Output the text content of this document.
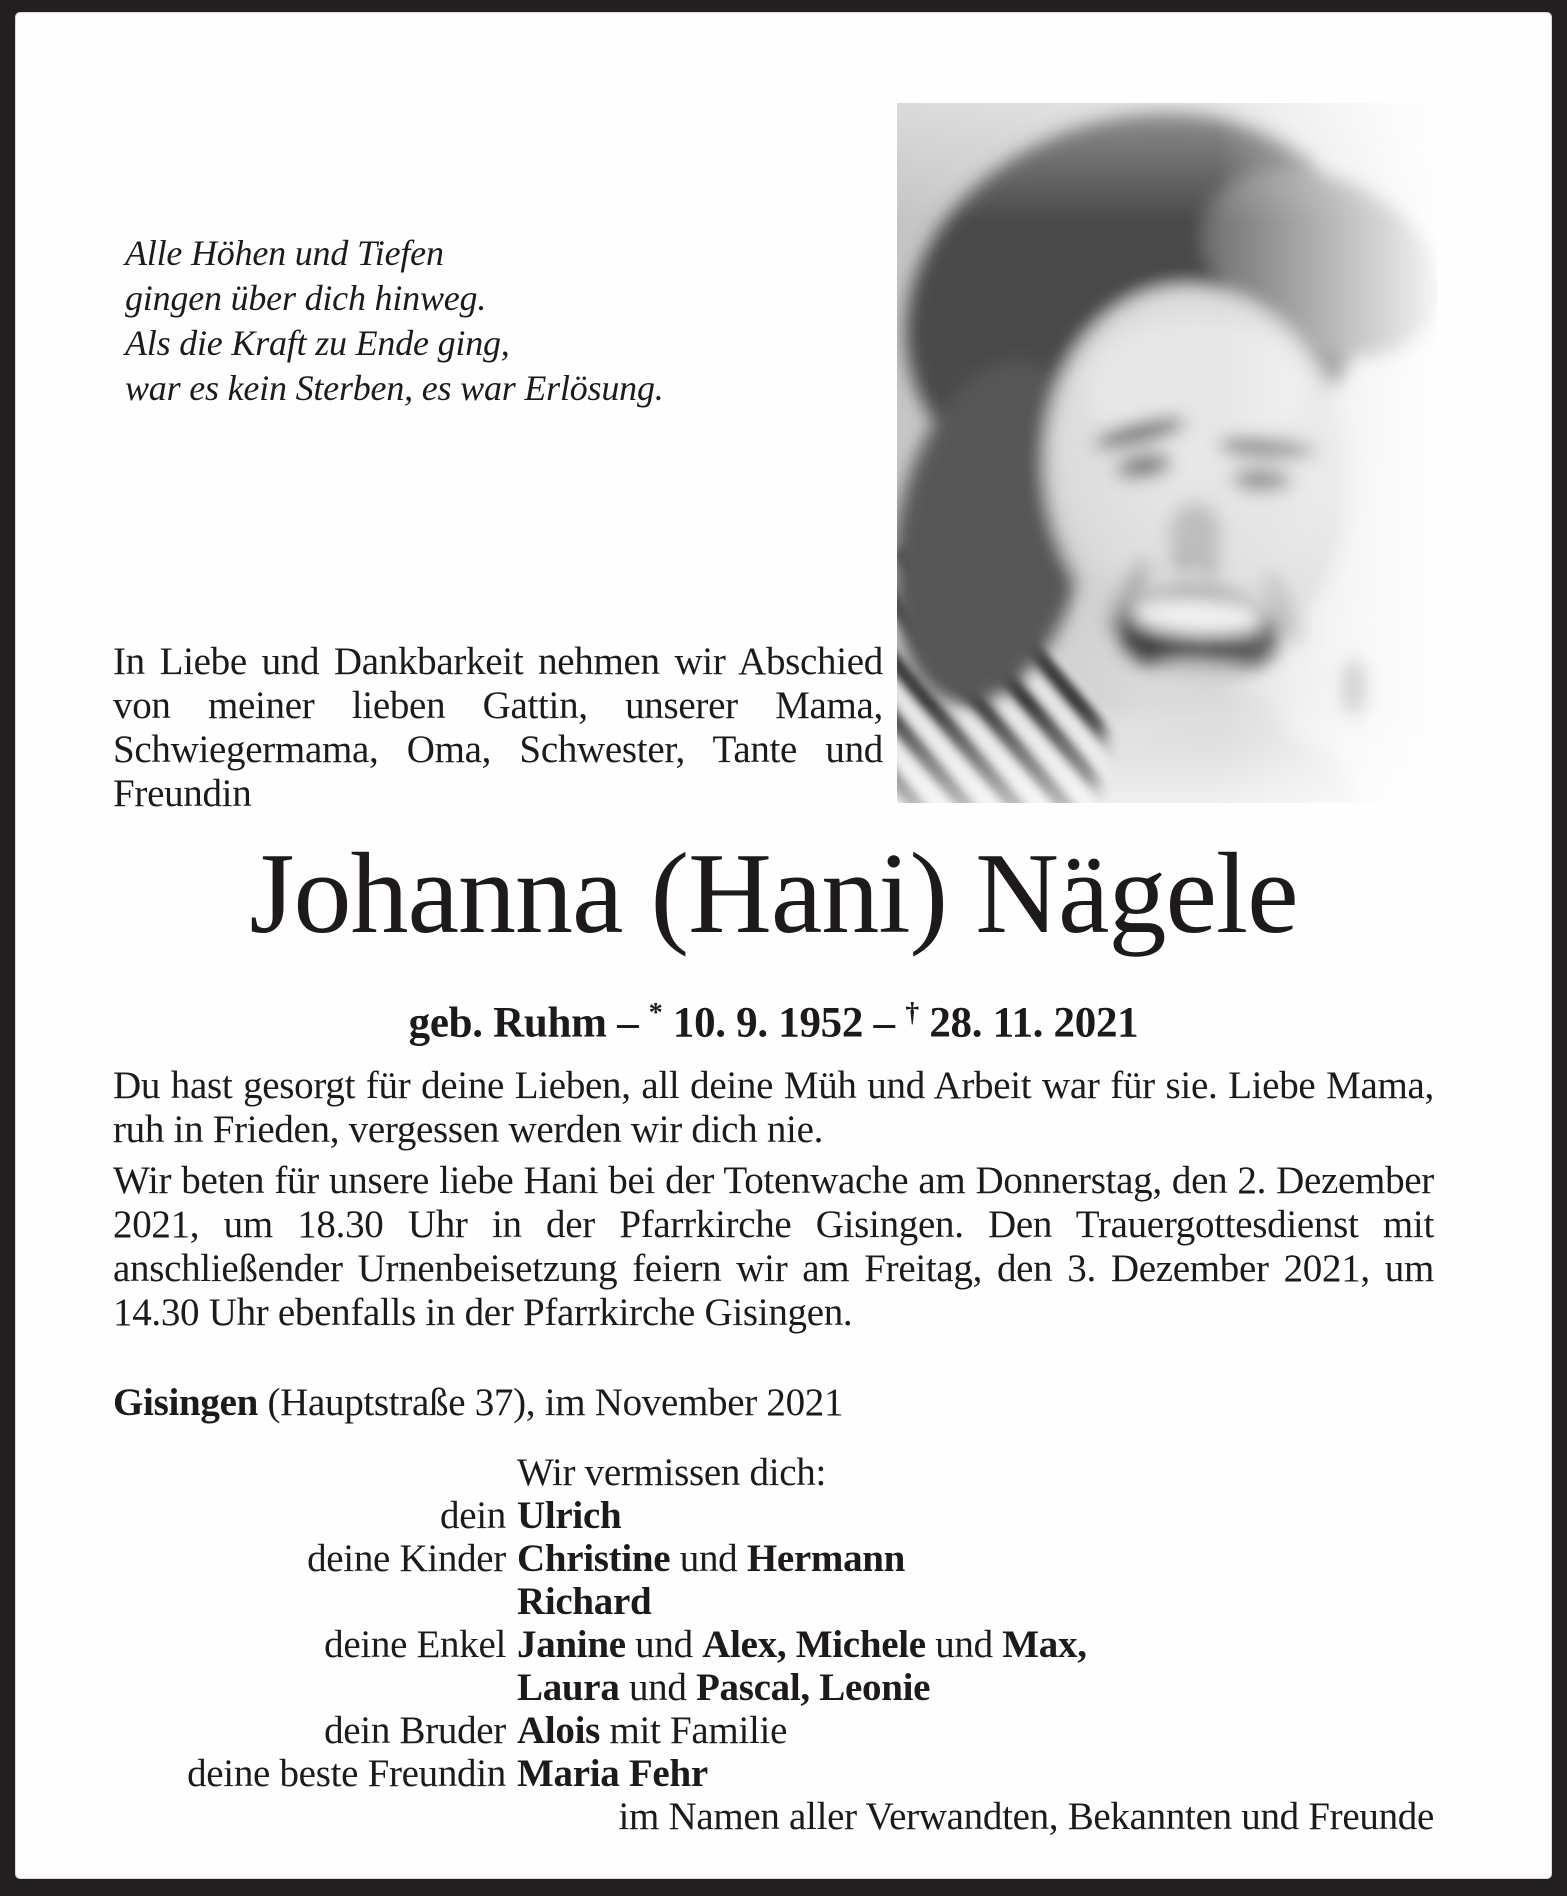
Alle Höhen und Tiefen
gingen über dich hinweg.
Als die Kraft zu Ende ging,
war es kein Sterben, es war Erlösung.

In Liebe und Dankbarkeit nehmen wir Abschied von meiner lieben Gattin, unserer Mama, Schwiegermama, Oma, Schwester, Tante und Freundin

Johanna (Hani) Nägele
geb. Ruhm – * 10. 9. 1952 – † 28. 11. 2021

Du hast gesorgt für deine Lieben, all deine Müh und Arbeit war für sie. Liebe Mama, ruh in Frieden, vergessen werden wir dich nie.

Wir beten für unsere liebe Hani bei der Totenwache am Donnerstag, den 2. Dezember 2021, um 18.30 Uhr in der Pfarrkirche Gisingen. Den Trauergottesdienst mit anschließender Urnenbeisetzung feiern wir am Freitag, den 3. Dezember 2021, um 14.30 Uhr ebenfalls in der Pfarrkirche Gisingen.

Gisingen (Hauptstraße 37), im November 2021
Wir vermissen dich:
dein Ulrich
deine Kinder Christine und Hermann
Richard
deine Enkel Janine und Alex, Michele und Max,
Laura und Pascal, Leonie
dein Bruder Alois mit Familie
deine beste Freundin Maria Fehr
im Namen aller Verwandten, Bekannten und Freunde
